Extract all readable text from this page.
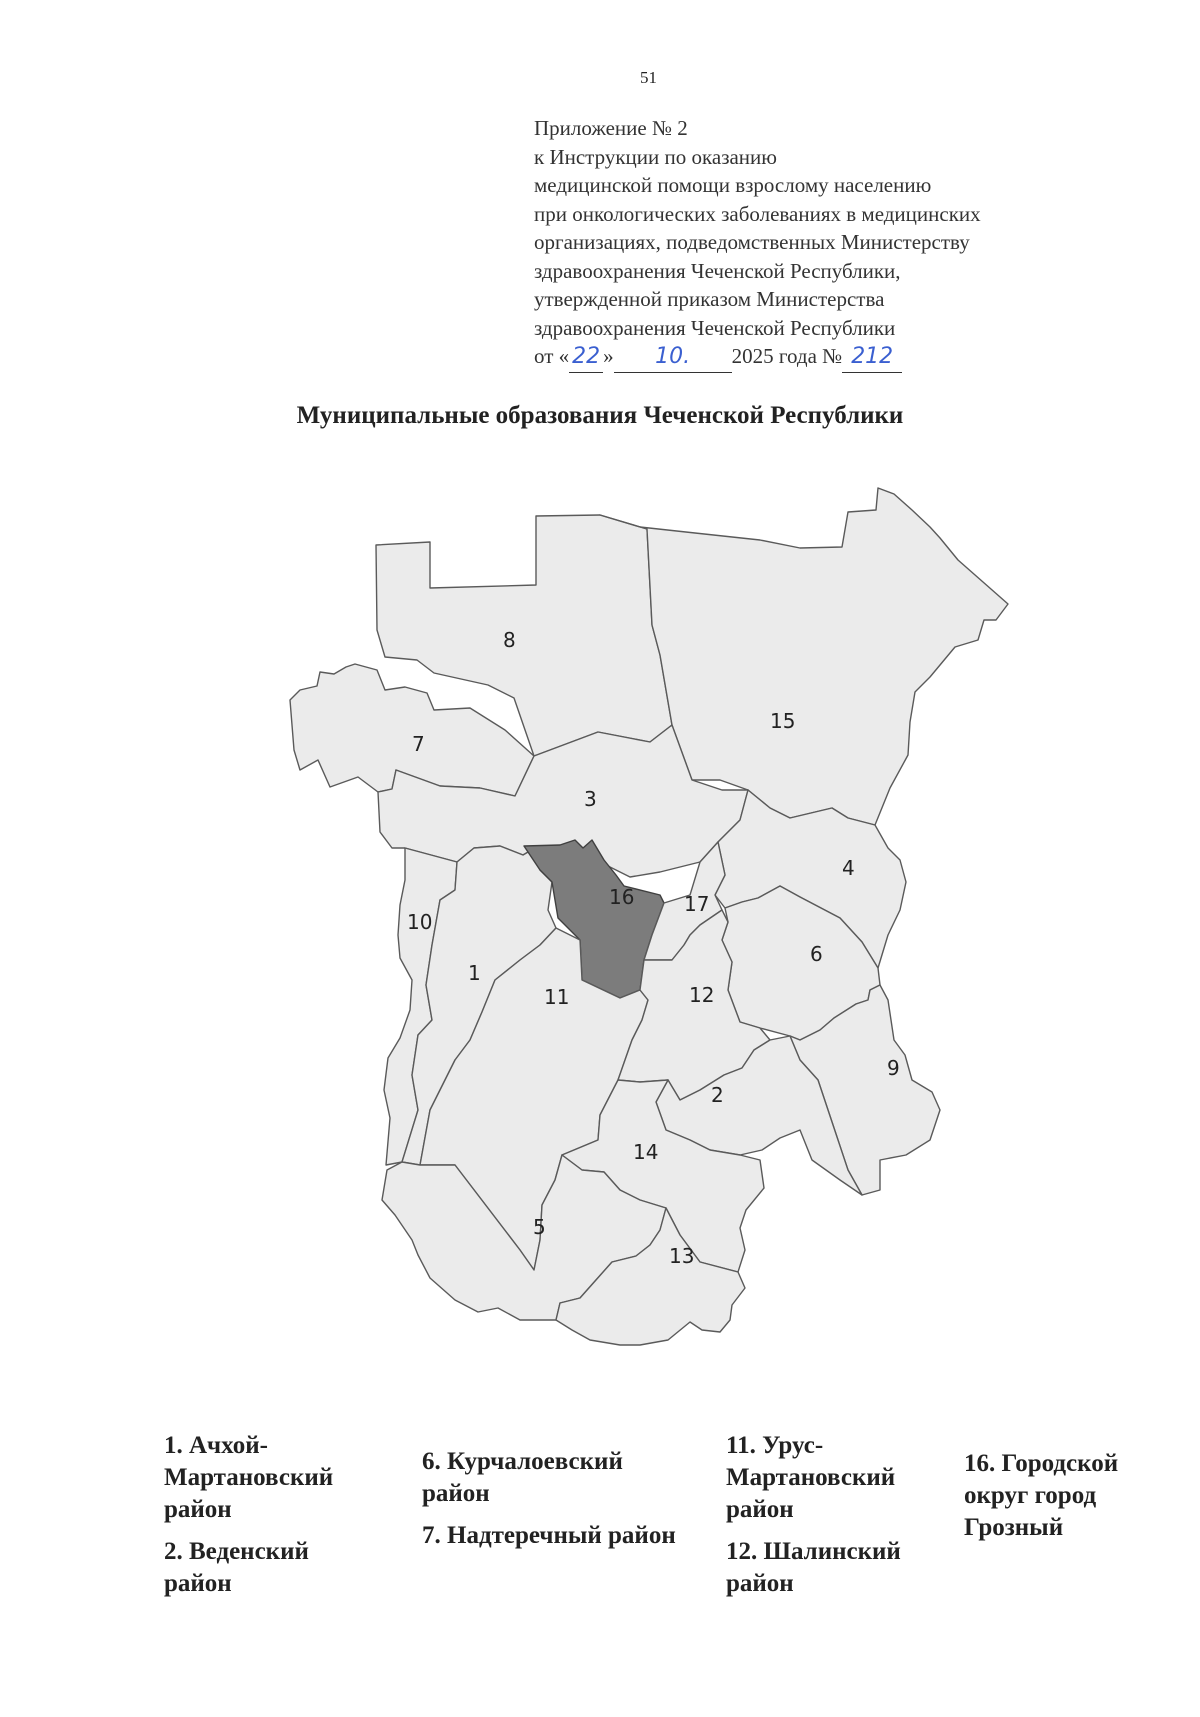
51
Приложение № 2
к Инструкции по оказанию
медицинской помощи взрослому населению
при онкологических заболеваниях в медицинских
организациях, подведомственных Министерству
здравоохранения Чеченской Республики,
утвержденной приказом Министерства
здравоохранения Чеченской Республики
от « 22 » 10. 2025 года № 212
Муниципальные образования Чеченской Республики
8
15
7
3
4
16 17
10
6
1
11	12
9
2
14
5
13

1. Ачхой-Мартановский район

2. Веденский район

6. Курчалоевский район

7. Надтеречный район

11. Урус-Мартановский район

12. Шалинский район

16. Городской округ город Грозный
